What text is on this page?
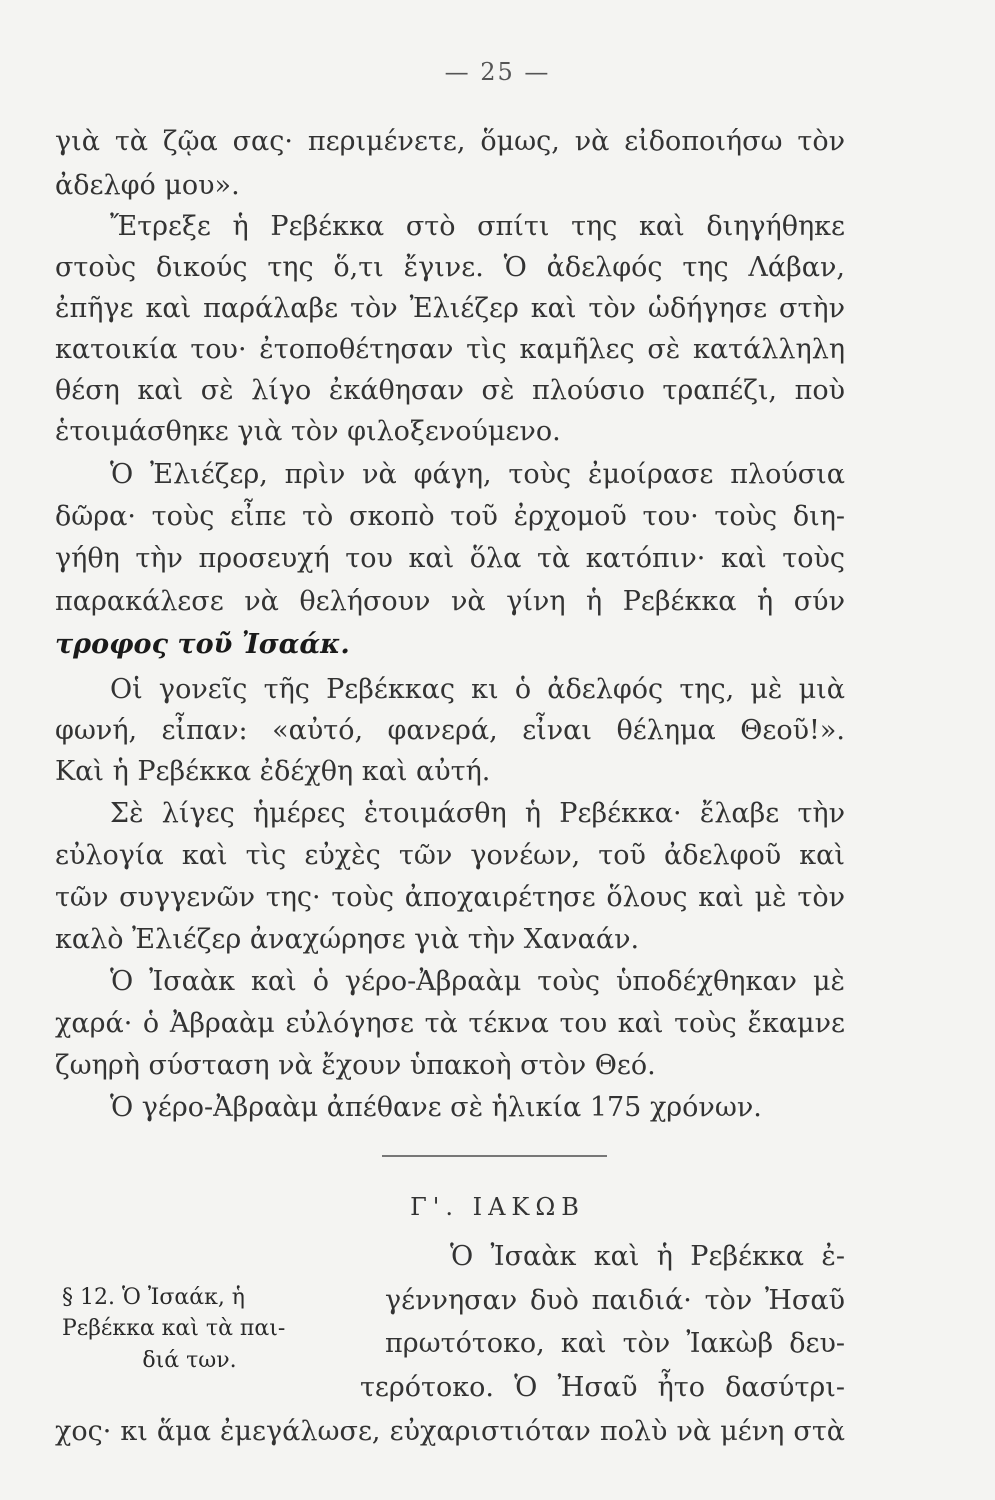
— 25 —
γιὰ τὰ ζῷα σας· περιμένετε, ὅμως, νὰ εἰδοποιήσω τὸν
ἀδελφό μου».
Ἔτρεξε ἡ Ρεβέκκα στὸ σπίτι της καὶ διηγήθηκε
στοὺς δικούς της ὅ,τι ἔγινε. Ὁ ἀδελφός της Λάβαν,
ἐπῆγε καὶ παράλαβε τὸν Ἐλιέζερ καὶ τὸν ὡδήγησε στὴν
κατοικία του· ἐτοποθέτησαν τὶς καμῆλες σὲ κατάλληλη
θέση καὶ σὲ λίγο ἐκάθησαν σὲ πλούσιο τραπέζι, ποὺ
ἑτοιμάσθηκε γιὰ τὸν φιλοξενούμενο.
Ὁ Ἐλιέζερ, πρὶν νὰ φάγη, τοὺς ἐμοίρασε πλούσια
δῶρα· τοὺς εἶπε τὸ σκοπὸ τοῦ ἐρχομοῦ του· τοὺς διη-
γήθη τὴν προσευχή του καὶ ὅλα τὰ κατόπιν· καὶ τοὺς
παρακάλεσε νὰ θελήσουν νὰ γίνη ἡ Ρεβέκκα ἡ σύν
τροφος τοῦ Ἰσαάκ.
Οἱ γονεῖς τῆς Ρεβέκκας κι ὁ ἀδελφός της, μὲ μιὰ
φωνή, εἶπαν: «αὐτό, φανερά, εἶναι θέλημα Θεοῦ!».
Καὶ ἡ Ρεβέκκα ἐδέχθη καὶ αὐτή.
Σὲ λίγες ἡμέρες ἑτοιμάσθη ἡ Ρεβέκκα· ἔλαβε τὴν
εὐλογία καὶ τὶς εὐχὲς τῶν γονέων, τοῦ ἀδελφοῦ καὶ
τῶν συγγενῶν της· τοὺς ἀποχαιρέτησε ὅλους καὶ μὲ τὸν
καλὸ Ἐλιέζερ ἀναχώρησε γιὰ τὴν Χαναάν.
Ὁ Ἰσαὰκ καὶ ὁ γέρο-Ἀβραὰμ τοὺς ὑποδέχθηκαν μὲ
χαρά· ὁ Ἀβραὰμ εὐλόγησε τὰ τέκνα του καὶ τοὺς ἔκαμνε
ζωηρὴ σύσταση νὰ ἔχουν ὑπακοὴ στὸν Θεό.
Ὁ γέρο-Ἀβραὰμ ἀπέθανε σὲ ἡλικία 175 χρόνων.
Γ'. ΙΑΚΩΒ
Ὁ Ἰσαὰκ καὶ ἡ Ρεβέκκα ἐ-
γέννησαν δυὸ παιδιά· τὸν Ἠσαῦ
πρωτότοκο, καὶ τὸν Ἰακὼβ δευ-
τερότοκο. Ὁ Ἠσαῦ ἦτο δασύτρι-
§ 12. Ὁ Ἰσαάκ, ἡ
Ρεβέκκα καὶ τὰ παι-
διά των.
χος· κι ἅμα ἐμεγάλωσε, εὐχαριστιόταν πολὺ νὰ μένη στὰ
